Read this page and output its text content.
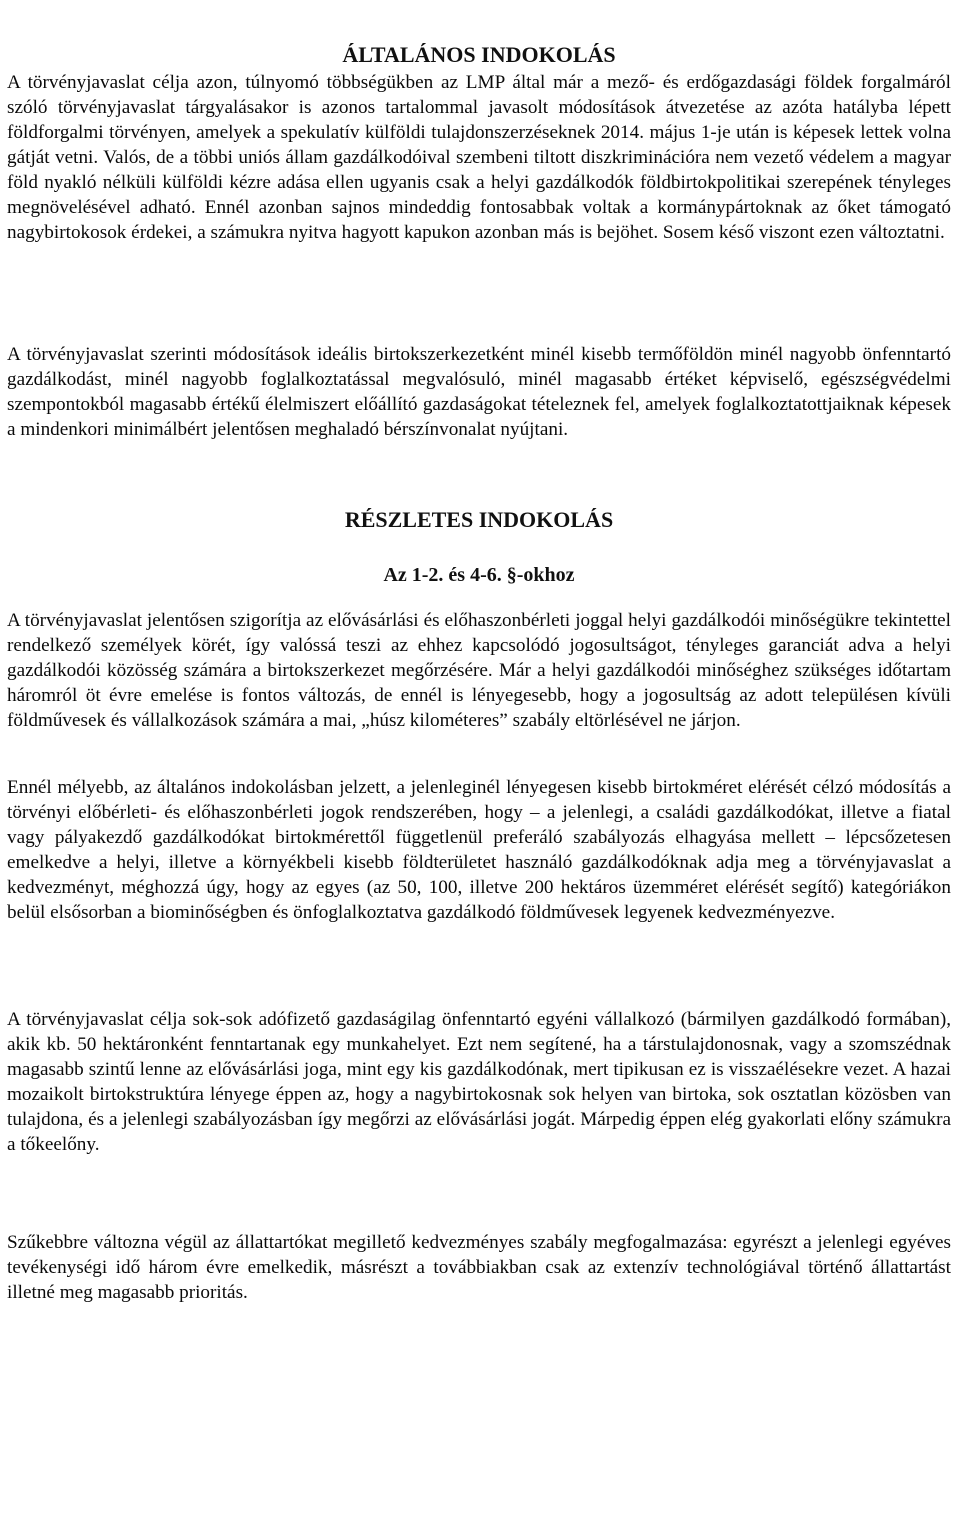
ÁLTALÁNOS INDOKOLÁS

A törvényjavaslat célja azon, túlnyomó többségükben az LMP által már a mező- és erdőgazdasági földek forgalmáról szóló törvényjavaslat tárgyalásakor is azonos tartalommal javasolt módosítások átvezetése az azóta hatályba lépett földforgalmi törvényen, amelyek a spekulatív külföldi tulajdonszerzéseknek 2014. május 1-je után is képesek lettek volna gátját vetni. Valós, de a többi uniós állam gazdálkodóival szembeni tiltott diszkriminációra nem vezető védelem a magyar föld nyakló nélküli külföldi kézre adása ellen ugyanis csak a helyi gazdálkodók földbirtokpolitikai szerepének tényleges megnövelésével adható. Ennél azonban sajnos mindeddig fontosabbak voltak a kormánypártoknak az őket támogató nagybirtokosok érdekei, a számukra nyitva hagyott kapukon azonban más is bejöhet. Sosem késő viszont ezen változtatni.

A törvényjavaslat szerinti módosítások ideális birtokszerkezetként minél kisebb termőföldön minél nagyobb önfenntartó gazdálkodást, minél nagyobb foglalkoztatással megvalósuló, minél magasabb értéket képviselő, egészségvédelmi szempontokból magasabb értékű élelmiszert előállító gazdaságokat tételeznek fel, amelyek foglalkoztatottjaiknak képesek a mindenkori minimálbért jelentősen meghaladó bérszínvonalat nyújtani.

RÉSZLETES INDOKOLÁS
Az 1-2. és 4-6. §-okhoz

A törvényjavaslat jelentősen szigorítja az elővásárlási és előhaszonbérleti joggal helyi gazdálkodói minőségükre tekintettel rendelkező személyek körét, így valóssá teszi az ehhez kapcsolódó jogosultságot, tényleges garanciát adva a helyi gazdálkodói közösség számára a birtokszerkezet megőrzésére. Már a helyi gazdálkodói minőséghez szükséges időtartam háromról öt évre emelése is fontos változás, de ennél is lényegesebb, hogy a jogosultság az adott településen kívüli földművesek és vállalkozások számára a mai, „húsz kilométeres” szabály eltörlésével ne járjon.

Ennél mélyebb, az általános indokolásban jelzett, a jelenleginél lényegesen kisebb birtokméret elérését célzó módosítás a törvényi előbérleti- és előhaszonbérleti jogok rendszerében, hogy – a jelenlegi, a családi gazdálkodókat, illetve a fiatal vagy pályakezdő gazdálkodókat birtokmérettől függetlenül preferáló szabályozás elhagyása mellett – lépcsőzetesen emelkedve a helyi, illetve a környékbeli kisebb földterületet használó gazdálkodóknak adja meg a törvényjavaslat a kedvezményt, méghozzá úgy, hogy az egyes (az 50, 100, illetve 200 hektáros üzemméret elérését segítő) kategóriákon belül elsősorban a biominőségben és önfoglalkoztatva gazdálkodó földművesek legyenek kedvezményezve.

A törvényjavaslat célja sok-sok adófizető gazdaságilag önfenntartó egyéni vállalkozó (bármilyen gazdálkodó formában), akik kb. 50 hektáronként fenntartanak egy munkahelyet. Ezt nem segítené, ha a társtulajdonosnak, vagy a szomszédnak magasabb szintű lenne az elővásárlási joga, mint egy kis gazdálkodónak, mert tipikusan ez is visszaélésekre vezet. A hazai mozaikolt birtokstruktúra lényege éppen az, hogy a nagybirtokosnak sok helyen van birtoka, sok osztatlan közösben van tulajdona, és a jelenlegi szabályozásban így megőrzi az elővásárlási jogát. Márpedig éppen elég gyakorlati előny számukra a tőkeelőny.

Szűkebbre változna végül az állattartókat megillető kedvezményes szabály megfogalmazása: egyrészt a jelenlegi egyéves tevékenységi idő három évre emelkedik, másrészt a továbbiakban csak az extenzív technológiával történő állattartást illetné meg magasabb prioritás.
